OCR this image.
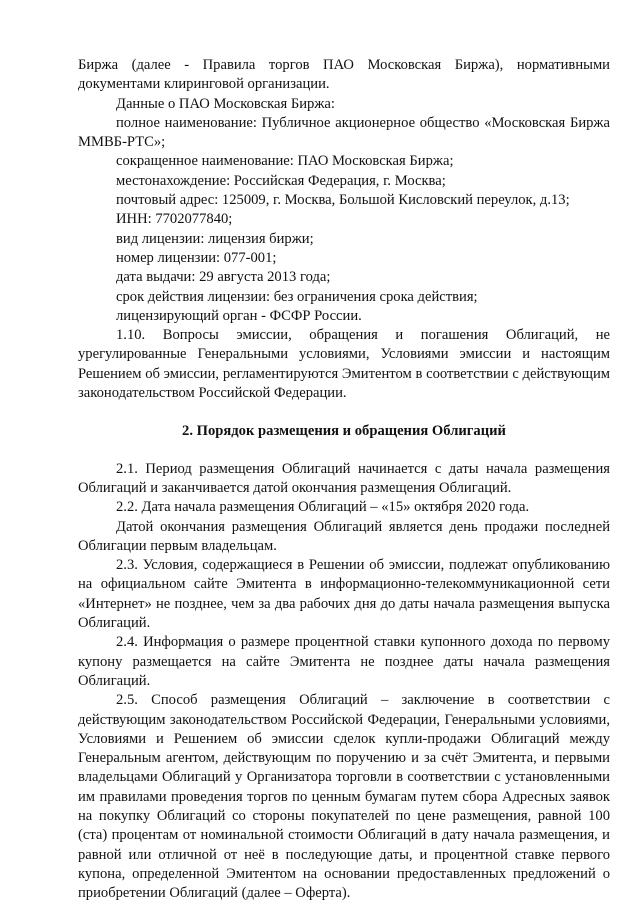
Биржа (далее - Правила торгов ПАО Московская Биржа), нормативными документами клиринговой организации.

Данные о ПАО Московская Биржа:

полное наименование: Публичное акционерное общество «Московская Биржа ММВБ-РТС»;

сокращенное наименование: ПАО Московская Биржа;

местонахождение: Российская Федерация, г. Москва;

почтовый адрес: 125009, г. Москва, Большой Кисловский переулок, д.13;

ИНН: 7702077840;

вид лицензии: лицензия биржи;

номер лицензии: 077-001;

дата выдачи: 29 августа 2013 года;

срок действия лицензии: без ограничения срока действия;

лицензирующий орган - ФСФР России.

1.10. Вопросы эмиссии, обращения и погашения Облигаций, не урегулированные Генеральными условиями, Условиями эмиссии и настоящим Решением об эмиссии, регламентируются Эмитентом в соответствии с действующим законодательством Российской Федерации.

2. Порядок размещения и обращения Облигаций

2.1. Период размещения Облигаций начинается с даты начала размещения Облигаций и заканчивается датой окончания размещения Облигаций.

2.2. Дата начала размещения Облигаций – «15» октября 2020 года.

Датой окончания размещения Облигаций является день продажи последней Облигации первым владельцам.

2.3. Условия, содержащиеся в Решении об эмиссии, подлежат опубликованию на официальном сайте Эмитента в информационно-телекоммуникационной сети «Интернет» не позднее, чем за два рабочих дня до даты начала размещения выпуска Облигаций.

2.4. Информация о размере процентной ставки купонного дохода по первому купону размещается на сайте Эмитента не позднее даты начала размещения Облигаций.

2.5. Способ размещения Облигаций – заключение в соответствии с действующим законодательством Российской Федерации, Генеральными условиями, Условиями и Решением об эмиссии сделок купли-продажи Облигаций между Генеральным агентом, действующим по поручению и за счёт Эмитента, и первыми владельцами Облигаций у Организатора торговли в соответствии с установленными им правилами проведения торгов по ценным бумагам путем сбора Адресных заявок на покупку Облигаций со стороны покупателей по цене размещения, равной 100 (ста) процентам от номинальной стоимости Облигаций в дату начала размещения, и равной или отличной от неё в последующие даты, и процентной ставке первого купона, определенной Эмитентом на основании предоставленных предложений о приобретении Облигаций (далее – Оферта).
